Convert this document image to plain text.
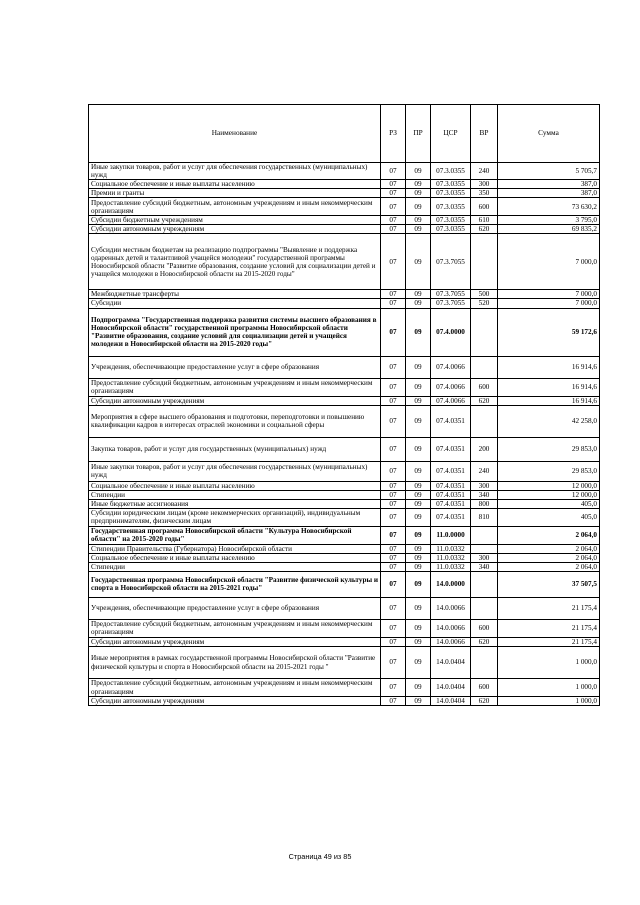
Наименование	РЗ	ПР	ЦСР	ВР	Сумма
Иные закупки товаров, работ и услуг для обеспечения государственных (муниципальных) нужд	07	09	07.3.0355	240	5 705,7
Социальное обеспечение и иные выплаты населению	07	09	07.3.0355	300	387,0
Премии и гранты	07	09	07.3.0355	350	387,0
Предоставление субсидий бюджетным, автономным учреждениям и иным некоммерческим организациям	07	09	07.3.0355	600	73 630,2
Субсидии бюджетным учреждениям	07	09	07.3.0355	610	3 795,0
Субсидии автономным учреждениям	07	09	07.3.0355	620	69 835,2
Субсидии местным бюджетам на реализацию подпрограммы "Выявление и поддержка одаренных детей и талантливой учащейся молодежи" государственной программы Новосибирской области "Развитие образования, создание условий для социализации детей и учащейся молодежи в Новосибирской области на 2015-2020 годы"	07	09	07.3.7055		7 000,0
Межбюджетные трансферты	07	09	07.3.7055	500	7 000,0
Субсидии	07	09	07.3.7055	520	7 000,0
Подпрограмма "Государственная поддержка развития системы высшего образования в Новосибирской области" государственной программы Новосибирской области "Развитие образования, создание условий для социализации детей и учащейся молодежи в Новосибирской области на 2015-2020 годы"	07	09	07.4.0000		59 172,6
Учреждения, обеспечивающие предоставление услуг в сфере образования	07	09	07.4.0066		16 914,6
Предоставление субсидий бюджетным, автономным учреждениям и иным некоммерческим организациям	07	09	07.4.0066	600	16 914,6
Субсидии автономным учреждениям	07	09	07.4.0066	620	16 914,6
Мероприятия в сфере высшего образования и подготовки, переподготовки и повышению квалификации кадров в интересах отраслей экономики и социальной сферы	07	09	07.4.0351		42 258,0
Закупка товаров, работ и услуг для государственных (муниципальных) нужд	07	09	07.4.0351	200	29 853,0
Иные закупки товаров, работ и услуг для обеспечения государственных (муниципальных) нужд	07	09	07.4.0351	240	29 853,0
Социальное обеспечение и иные выплаты населению	07	09	07.4.0351	300	12 000,0
Стипендии	07	09	07.4.0351	340	12 000,0
Иные бюджетные ассигнования	07	09	07.4.0351	800	405,0
Субсидии юридическим лицам (кроме некоммерческих организаций), индивидуальным предпринимателям, физическим лицам	07	09	07.4.0351	810	405,0
Государственная программа Новосибирской области "Культура Новосибирской области" на 2015-2020 годы"	07	09	11.0.0000		2 064,0
Стипендии Правительства (Губернатора) Новосибирской области	07	09	11.0.0332		2 064,0
Социальное обеспечение и иные выплаты населению	07	09	11.0.0332	300	2 064,0
Стипендии	07	09	11.0.0332	340	2 064,0
Государственная программа Новосибирской области "Развитие физической культуры и спорта в Новосибирской области на 2015-2021 годы"	07	09	14.0.0000		37 507,5
Учреждения, обеспечивающие предоставление услуг в сфере образования	07	09	14.0.0066		21 175,4
Предоставление субсидий бюджетным, автономным учреждениям и иным некоммерческим организациям	07	09	14.0.0066	600	21 175,4
Субсидии автономным учреждениям	07	09	14.0.0066	620	21 175,4
Иные мероприятия в рамках государственной программы Новосибирской области "Развитие физической культуры и спорта в Новосибирской области на 2015-2021 годы "	07	09	14.0.0404		1 000,0
Предоставление субсидий бюджетным, автономным учреждениям и иным некоммерческим организациям	07	09	14.0.0404	600	1 000,0
Субсидии автономным учреждениям	07	09	14.0.0404	620	1 000,0
Страница 49 из 85
